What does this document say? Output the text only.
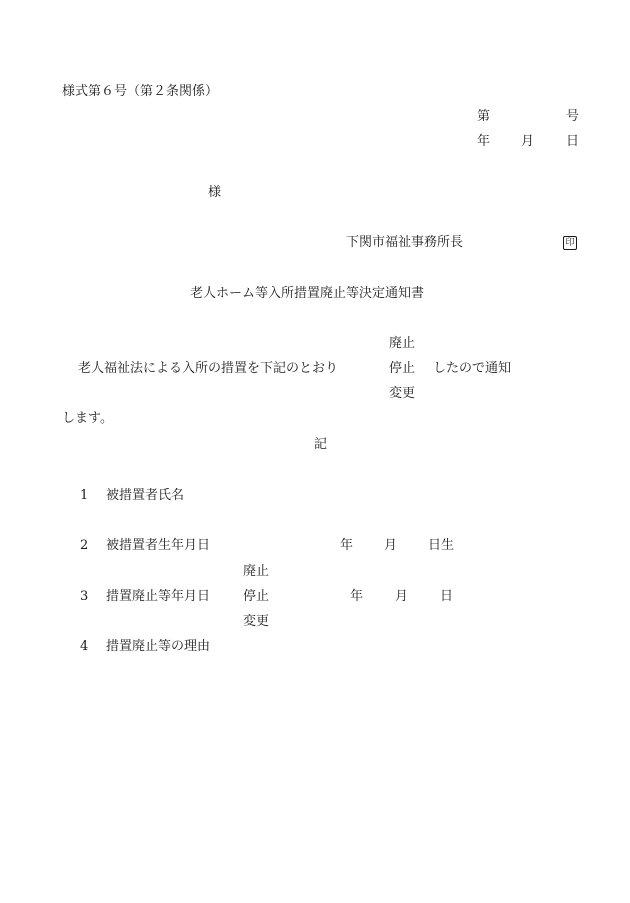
様式第６号（第２条関係）
第	号
年 月 日
様
下関市福祉事務所長	印
老人ホーム等入所措置廃止等決定通知書
廃止
老人福祉法による入所の措置を下記のとおり	停止 したので通知
変更
します。
記
1 被措置者氏名
2 被措置者生年月日	年 月 日生
廃止
3 措置廃止等年月日	停止	年 月 日
変更
4 措置廃止等の理由
